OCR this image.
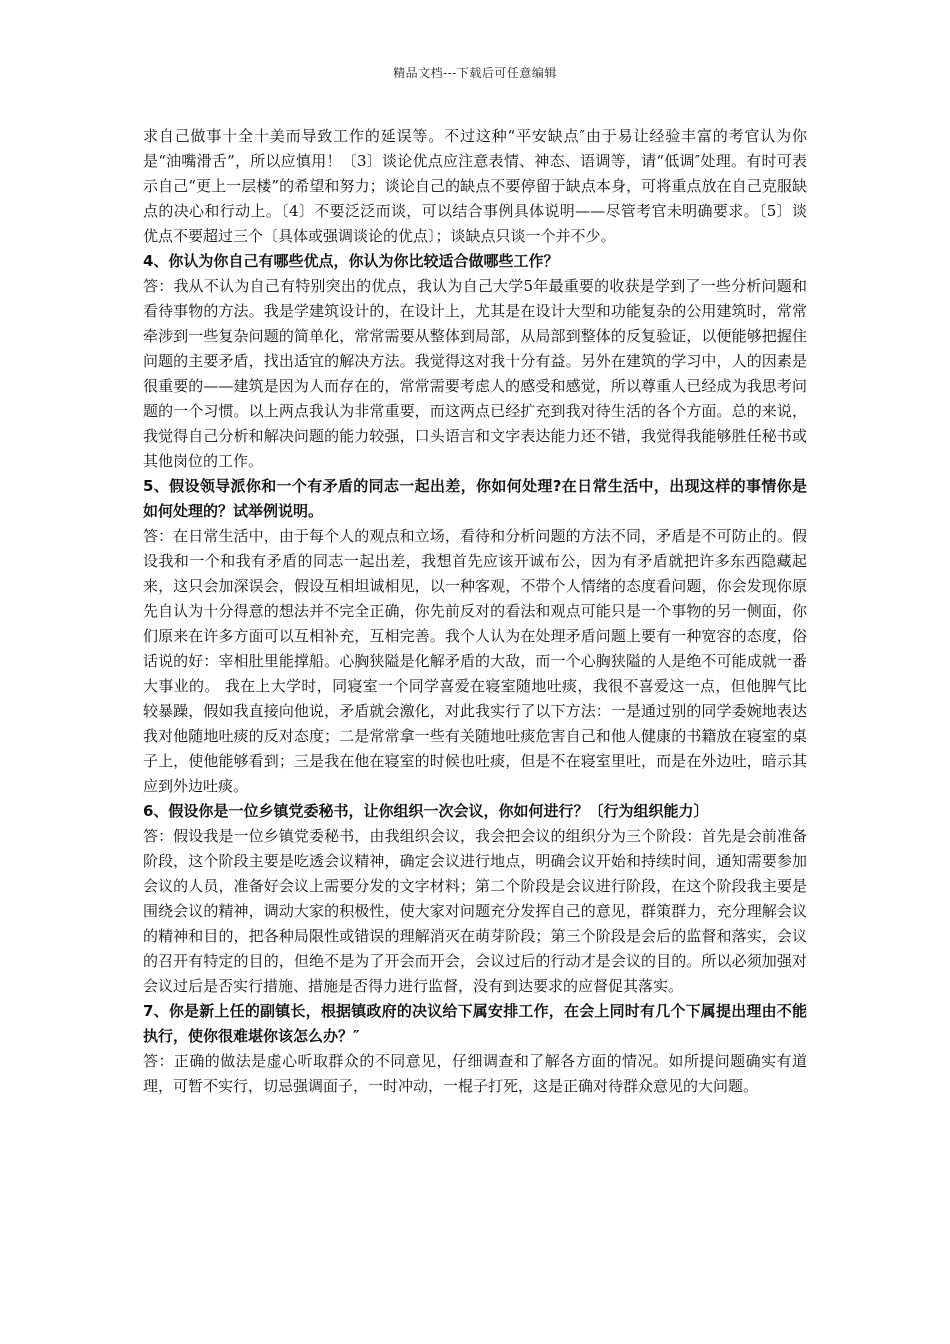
精品文档---下载后可任意编辑

求自己做事十全十美而导致工作的延误等。不过这种“平安缺点″由于易让经验丰富的考官认为你是“油嘴滑舌”，所以应慎用！〔3〕谈论优点应注意表情、神态、语调等，请“低调″处理。有时可表示自己“更上一层楼”的希望和努力；谈论自己的缺点不要停留于缺点本身，可将重点放在自己克服缺点的决心和行动上。〔4〕不要泛泛而谈，可以结合事例具体说明——尽管考官未明确要求。〔5〕谈优点不要超过三个〔具体或强调谈论的优点〕；谈缺点只谈一个并不少。

4、你认为你自己有哪些优点，你认为你比较适合做哪些工作？

答：我从不认为自己有特别突出的优点，我认为自己大学5年最重要的收获是学到了一些分析问题和看待事物的方法。我是学建筑设计的，在设计上，尤其是在设计大型和功能复杂的公用建筑时，常常牵涉到一些复杂问题的简单化，常常需要从整体到局部，从局部到整体的反复验证，以便能够把握住问题的主要矛盾，找出适宜的解决方法。我觉得这对我十分有益。另外在建筑的学习中，人的因素是很重要的——建筑是因为人而存在的，常常需要考虑人的感受和感觉，所以尊重人已经成为我思考问题的一个习惯。以上两点我认为非常重要，而这两点已经扩充到我对待生活的各个方面。总的来说，我觉得自己分析和解决问题的能力较强，口头语言和文字表达能力还不错，我觉得我能够胜任秘书或其他岗位的工作。

5、假设领导派你和一个有矛盾的同志一起出差，你如何处理?在日常生活中，出现这样的事情你是如何处理的？试举例说明。

答：在日常生活中，由于每个人的观点和立场，看待和分析问题的方法不同，矛盾是不可防止的。假设我和一个和我有矛盾的同志一起出差，我想首先应该开诚布公，因为有矛盾就把许多东西隐藏起来，这只会加深误会，假设互相坦诚相见，以一种客观，不带个人情绪的态度看问题，你会发现你原先自认为十分得意的想法并不完全正确，你先前反对的看法和观点可能只是一个事物的另一侧面，你们原来在许多方面可以互相补充，互相完善。我个人认为在处理矛盾问题上要有一种宽容的态度，俗话说的好：宰相肚里能撑船。心胸狭隘是化解矛盾的大敌，而一个心胸狭隘的人是绝不可能成就一番大事业的。 我在上大学时，同寝室一个同学喜爱在寝室随地吐痰，我很不喜爱这一点，但他脾气比较暴躁，假如我直接向他说，矛盾就会激化，对此我实行了以下方法：一是通过别的同学委婉地表达我对他随地吐痰的反对态度；二是常常拿一些有关随地吐痰危害自己和他人健康的书籍放在寝室的桌子上，使他能够看到；三是我在他在寝室的时候也吐痰，但是不在寝室里吐，而是在外边吐，暗示其应到外边吐痰。

6、假设你是一位乡镇党委秘书，让你组织一次会议，你如何进行？〔行为组织能力〕

答：假设我是一位乡镇党委秘书，由我组织会议，我会把会议的组织分为三个阶段：首先是会前准备阶段，这个阶段主要是吃透会议精神，确定会议进行地点，明确会议开始和持续时间，通知需要参加会议的人员，准备好会议上需要分发的文字材料；第二个阶段是会议进行阶段，在这个阶段我主要是围绕会议的精神，调动大家的积极性，使大家对问题充分发挥自己的意见，群策群力，充分理解会议的精神和目的，把各种局限性或错误的理解消灭在萌芽阶段；第三个阶段是会后的监督和落实，会议的召开有特定的目的，但绝不是为了开会而开会，会议过后的行动才是会议的目的。所以必须加强对会议过后是否实行措施、措施是否得力进行监督，没有到达要求的应督促其落实。

7、你是新上任的副镇长，根据镇政府的决议给下属安排工作，在会上同时有几个下属提出理由不能执行，使你很难堪你该怎么办？″

答：正确的做法是虚心听取群众的不同意见，仔细调查和了解各方面的情况。如所提问题确实有道理，可暂不实行，切忌强调面子，一时冲动，一棍子打死，这是正确对待群众意见的大问题。
